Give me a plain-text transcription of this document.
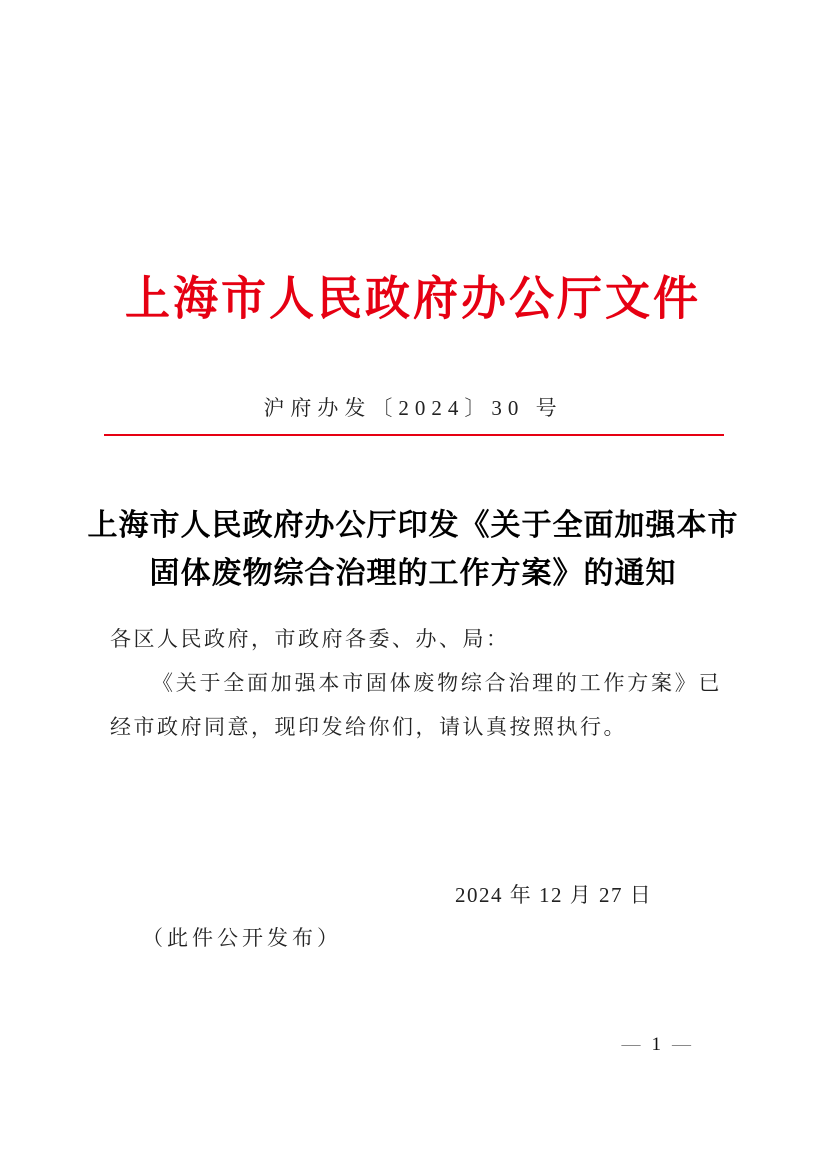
上海市人民政府办公厅文件
沪府办发〔2024〕30 号
上海市人民政府办公厅印发《关于全面加强本市
固体废物综合治理的工作方案》的通知

各区人民政府，市政府各委、办、局：

《关于全面加强本市固体废物综合治理的工作方案》已经市政府同意，现印发给你们，请认真按照执行。

2024 年 12 月 27 日
（此件公开发布）
— 1 —
